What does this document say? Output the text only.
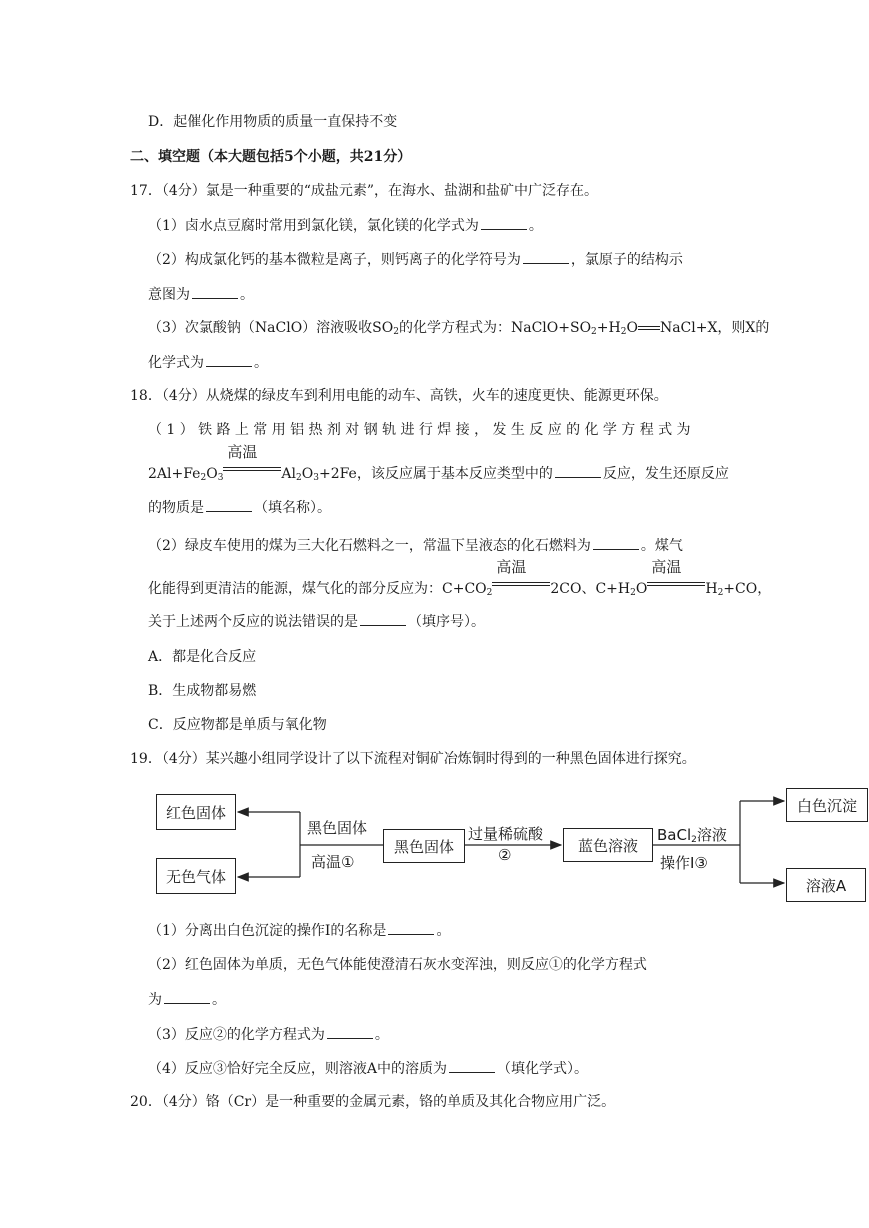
D．起催化作用物质的质量一直保持不变
二、填空题（本大题包括5个小题，共21分）
17．（4分）氯是一种重要的“成盐元素”，在海水、盐湖和盐矿中广泛存在。
（1）卤水点豆腐时常用到氯化镁，氯化镁的化学式为	。
（2）构成氯化钙的基本微粒是离子，则钙离子的化学符号为	，氯原子的结构示
意图为	。
（3）次氯酸钠（NaClO）溶液吸收$SO_2$的化学方程式为：$NaClO+SO_2+H_2O$ NaCl+X，则X的
化学式为	。
18．（4分）从烧煤的绿皮车到利用电能的动车、高铁，火车的速度更快、能源更环保。
（1）铁路上常用铝热剂对钢轨进行焊接，发生反应的化学方程式为
$2Al+Fe_2O_3$
高温
$Al_2O_3+2Fe$，该反应属于基本反应类型中的	反应，发生还原反应
的物质是	（填名称）。
（2）绿皮车使用的煤为三大化石燃料之一，常温下呈液态的化石燃料为	。煤气
化能得到更清洁的能源，煤气化的部分反应为：$C+CO_2$
高温
2CO、$C+H_2O$
高温
$H_2+CO$，
关于上述两个反应的说法错误的是	（填序号）。
A．都是化合反应
B．生成物都易燃
C．反应物都是单质与氧化物
19．（4分）某兴趣小组同学设计了以下流程对铜矿冶炼铜时得到的一种黑色固体进行探究。
红色固体
无色气体
黑色固体
高温①
黑色固体
过量稀硫酸
②
蓝色溶液
BaCl$_2$溶液
操作Ⅰ③
白色沉淀
溶液A
（1）分离出白色沉淀的操作Ⅰ的名称是	。
（2）红色固体为单质，无色气体能使澄清石灰水变浑浊，则反应①的化学方程式
为	。
（3）反应②的化学方程式为	。
（4）反应③恰好完全反应，则溶液A中的溶质为	（填化学式）。
20．（4分）铬（Cr）是一种重要的金属元素，铬的单质及其化合物应用广泛。
